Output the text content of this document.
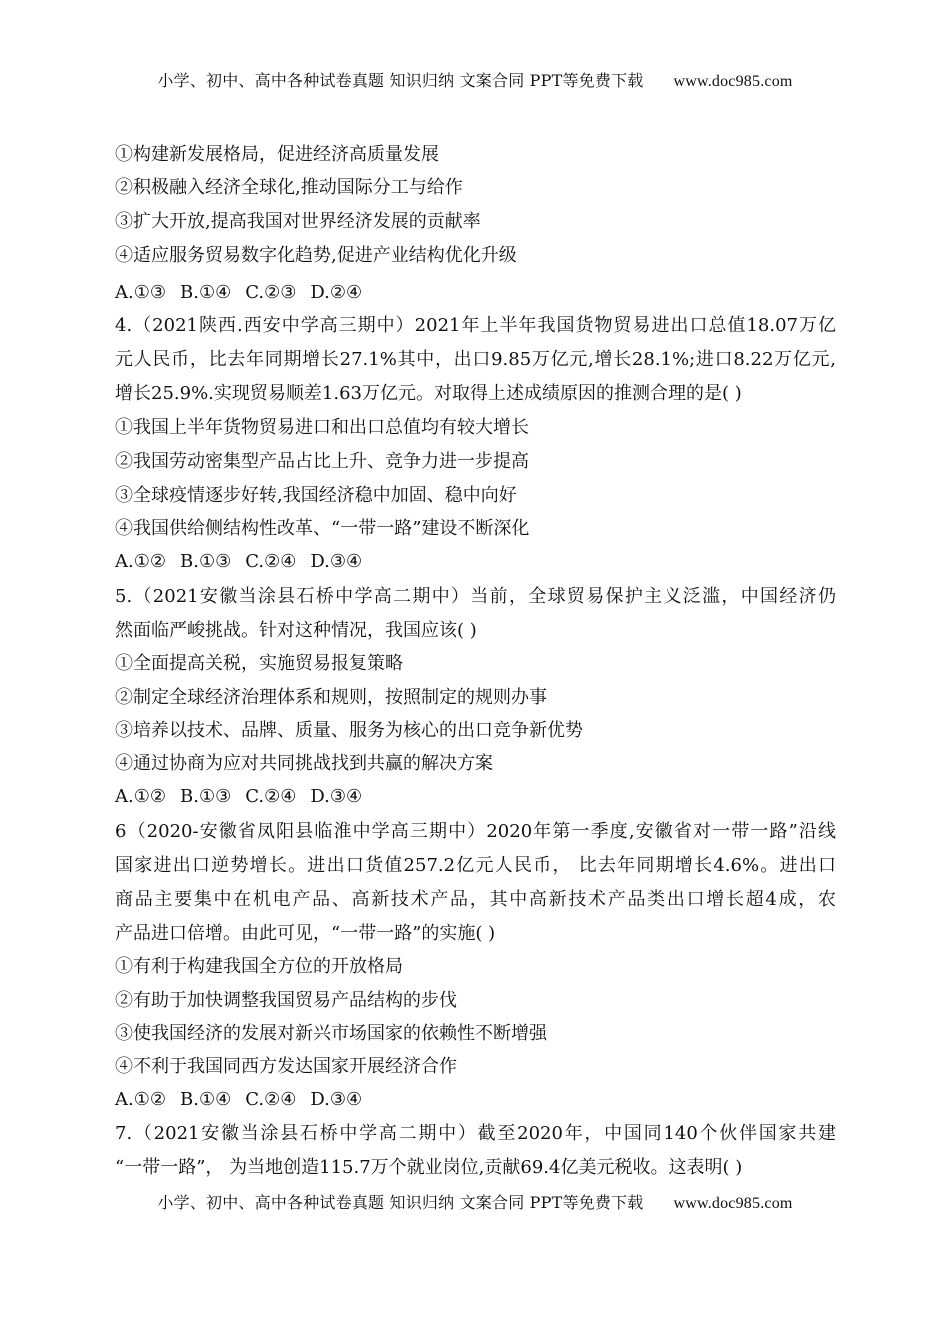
小学、初中、高中各种试卷真题 知识归纳 文案合同 PPT等免费下载 www.doc985.com
①构建新发展格局，促进经济高质量发展
②积极融入经济全球化,推动国际分工与给作
③扩大开放,提高我国对世界经济发展的贡献率
④适应服务贸易数字化趋势,促进产业结构优化升级
A.①③ B.①④ C.②③ D.②④
4.（2021陕西.西安中学高三期中）2021年上半年我国货物贸易进出口总值18.07万亿
元人民币，比去年同期增长27.1%其中，出口9.85万亿元,增长28.1%;进口8.22万亿元,
增长25.9%.实现贸易顺差1.63万亿元。对取得上述成绩原因的推测合理的是( )
①我国上半年货物贸易进口和出口总值均有较大增长
②我国劳动密集型产品占比上升、竞争力进一步提高
③全球疫情逐步好转,我国经济稳中加固、稳中向好
④我国供给侧结构性改革、“一带一路”建设不断深化
A.①② B.①③ C.②④ D.③④
5.（2021安徽当涂县石桥中学高二期中）当前，全球贸易保护主义泛滥，中国经济仍
然面临严峻挑战。针对这种情况，我国应该( )
①全面提高关税，实施贸易报复策略
②制定全球经济治理体系和规则，按照制定的规则办事
③培养以技术、品牌、质量、服务为核心的出口竞争新优势
④通过协商为应对共同挑战找到共赢的解决方案
A.①② B.①③ C.②④ D.③④
6（2020-安徽省凤阳县临淮中学高三期中）2020年第一季度,安徽省对一带一路”沿线
国家进出口逆势增长。进出口货值257.2亿元人民币， 比去年同期增长4.6%。进出口
商品主要集中在机电产品、高新技术产品，其中高新技术产品类出口增长超4成，农
产品进口倍增。由此可见，“一带一路”的实施( )
①有利于构建我国全方位的开放格局
②有助于加快调整我国贸易产品结构的步伐
③使我国经济的发展对新兴市场国家的依赖性不断增强
④不利于我国同西方发达国家开展经济合作
A.①② B.①④ C.②④ D.③④
7.（2021安徽当涂县石桥中学高二期中）截至2020年，中国同140个伙伴国家共建
“一带一路”， 为当地创造115.7万个就业岗位,贡献69.4亿美元税收。这表明( )
小学、初中、高中各种试卷真题 知识归纳 文案合同 PPT等免费下载 www.doc985.com
